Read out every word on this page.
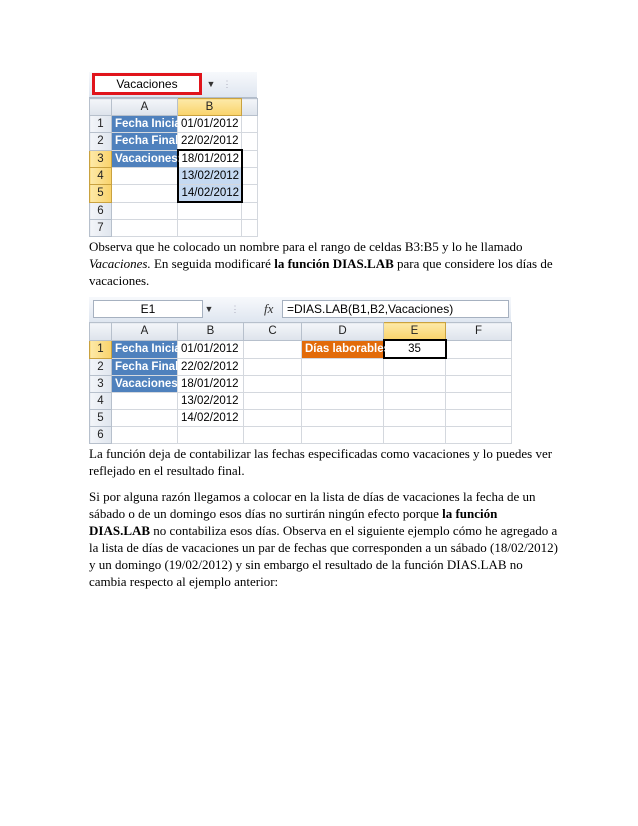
Vacaciones	▼ ⋮
	A	B	
1	Fecha Inicial:	01/01/2012	
2	Fecha Final:	22/02/2012	
3	Vacaciones:	18/01/2012	
4		13/02/2012	
5		14/02/2012	
6			
7			
Observa que he colocado un nombre para el rango de celdas B3:B5 y lo he llamado Vacaciones. En seguida modificaré la función DIAS.LAB para que considere los días de vacaciones.
E1	▼ ⋮ fx	=DIAS.LAB(B1,B2,Vacaciones)
	A	B	C	D	E	F
1	Fecha Inicial:	01/01/2012		Días laborables:	35	
2	Fecha Final:	22/02/2012				
3	Vacaciones:	18/01/2012				
4		13/02/2012				
5		14/02/2012				
6						
La función deja de contabilizar las fechas especificadas como vacaciones y lo puedes ver reflejado en el resultado final.
Si por alguna razón llegamos a colocar en la lista de días de vacaciones la fecha de un sábado o de un domingo esos días no surtirán ningún efecto porque la función DIAS.LAB no contabiliza esos días. Observa en el siguiente ejemplo cómo he agregado a la lista de días de vacaciones un par de fechas que corresponden a un sábado (18/02/2012) y un domingo (19/02/2012) y sin embargo el resultado de la función DIAS.LAB no cambia respecto al ejemplo anterior:
